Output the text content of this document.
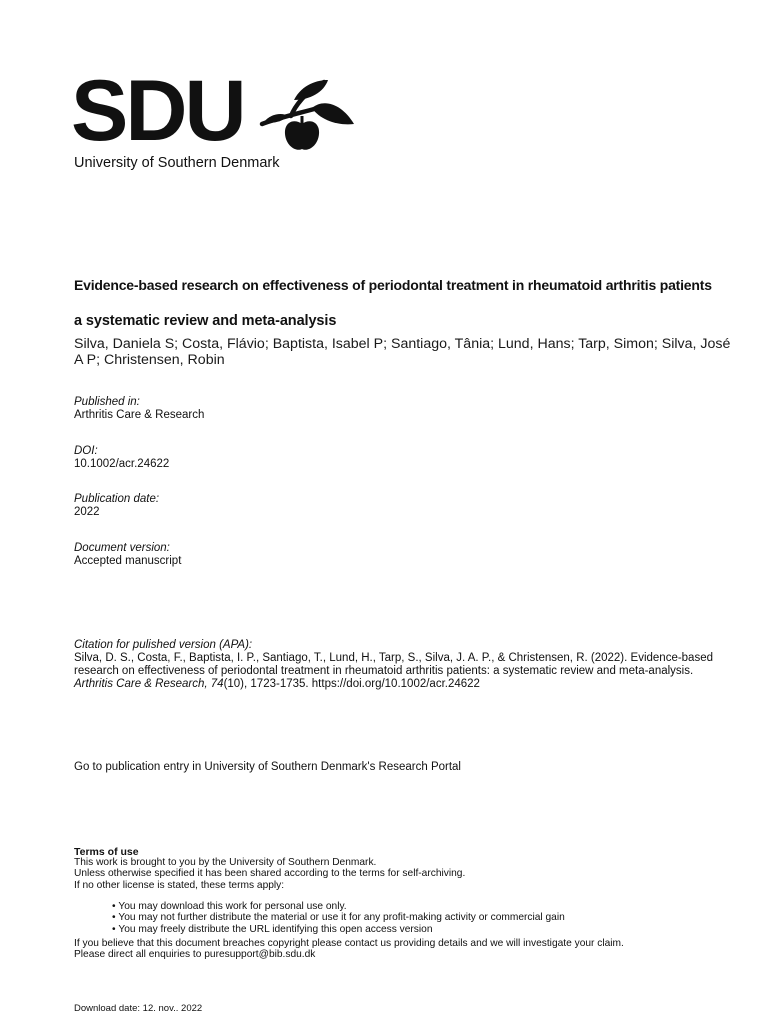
SDU
University of Southern Denmark
Evidence-based research on effectiveness of periodontal treatment in rheumatoid arthritis patients
a systematic review and meta-analysis
Silva, Daniela S; Costa, Flávio; Baptista, Isabel P; Santiago, Tânia; Lund, Hans; Tarp, Simon; Silva, José A P; Christensen, Robin
Published in:
Arthritis Care & Research
DOI:
10.1002/acr.24622
Publication date:
2022
Document version:
Accepted manuscript
Citation for pulished version (APA):
Silva, D. S., Costa, F., Baptista, I. P., Santiago, T., Lund, H., Tarp, S., Silva, J. A. P., & Christensen, R. (2022). Evidence-based research on effectiveness of periodontal treatment in rheumatoid arthritis patients: a systematic review and meta-analysis. Arthritis Care & Research, 74(10), 1723-1735. https://doi.org/10.1002/acr.24622
Go to publication entry in University of Southern Denmark's Research Portal
Terms of use
This work is brought to you by the University of Southern Denmark.
Unless otherwise specified it has been shared according to the terms for self-archiving.
If no other license is stated, these terms apply:
• You may download this work for personal use only.
• You may not further distribute the material or use it for any profit-making activity or commercial gain
• You may freely distribute the URL identifying this open access version
If you believe that this document breaches copyright please contact us providing details and we will investigate your claim.
Please direct all enquiries to puresupport@bib.sdu.dk
Download date: 12. nov.. 2022
